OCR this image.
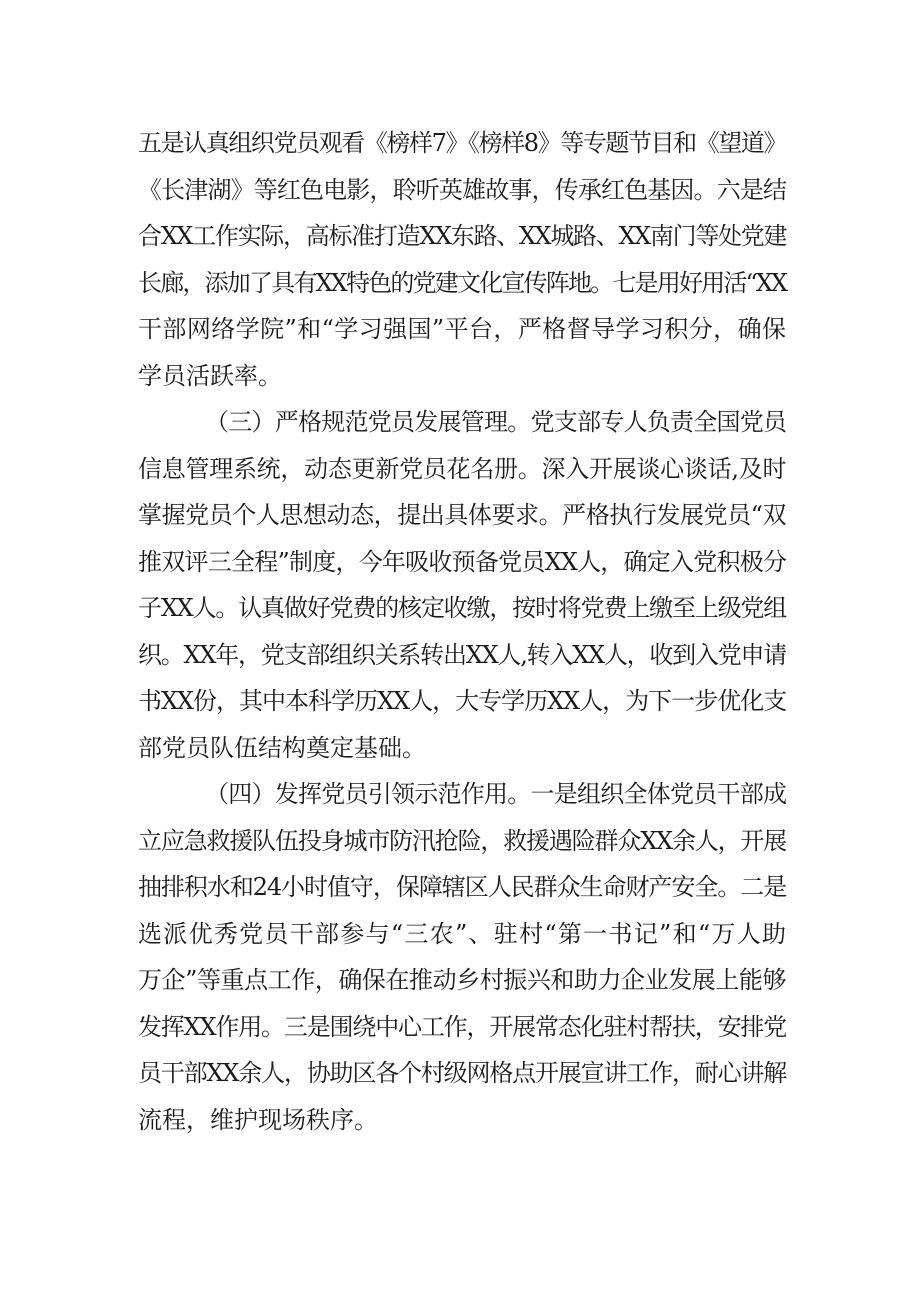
五是认真组织党员观看《榜样7》《榜样8》等专题节目和《望道》
《长津湖》等红色电影，聆听英雄故事，传承红色基因。六是结
合XX工作实际，高标准打造XX东路、XX城路、XX南门等处党建
长廊，添加了具有XX特色的党建文化宣传阵地。七是用好用活“XX
干部网络学院”和“学习强国”平台，严格督导学习积分，确保
学员活跃率。
（三）严格规范党员发展管理。党支部专人负责全国党员
信息管理系统，动态更新党员花名册。深入开展谈心谈话,及时
掌握党员个人思想动态，提出具体要求。严格执行发展党员“双
推双评三全程”制度，今年吸收预备党员XX人，确定入党积极分
子XX人。认真做好党费的核定收缴，按时将党费上缴至上级党组
织。XX年，党支部组织关系转出XX人,转入XX人，收到入党申请
书XX份，其中本科学历XX人，大专学历XX人，为下一步优化支
部党员队伍结构奠定基础。
（四）发挥党员引领示范作用。一是组织全体党员干部成
立应急救援队伍投身城市防汛抢险，救援遇险群众XX余人，开展
抽排积水和24小时值守，保障辖区人民群众生命财产安全。二是
选派优秀党员干部参与“三农”、驻村“第一书记”和“万人助
万企”等重点工作，确保在推动乡村振兴和助力企业发展上能够
发挥XX作用。三是围绕中心工作，开展常态化驻村帮扶，安排党
员干部XX余人，协助区各个村级网格点开展宣讲工作，耐心讲解
流程，维护现场秩序。
